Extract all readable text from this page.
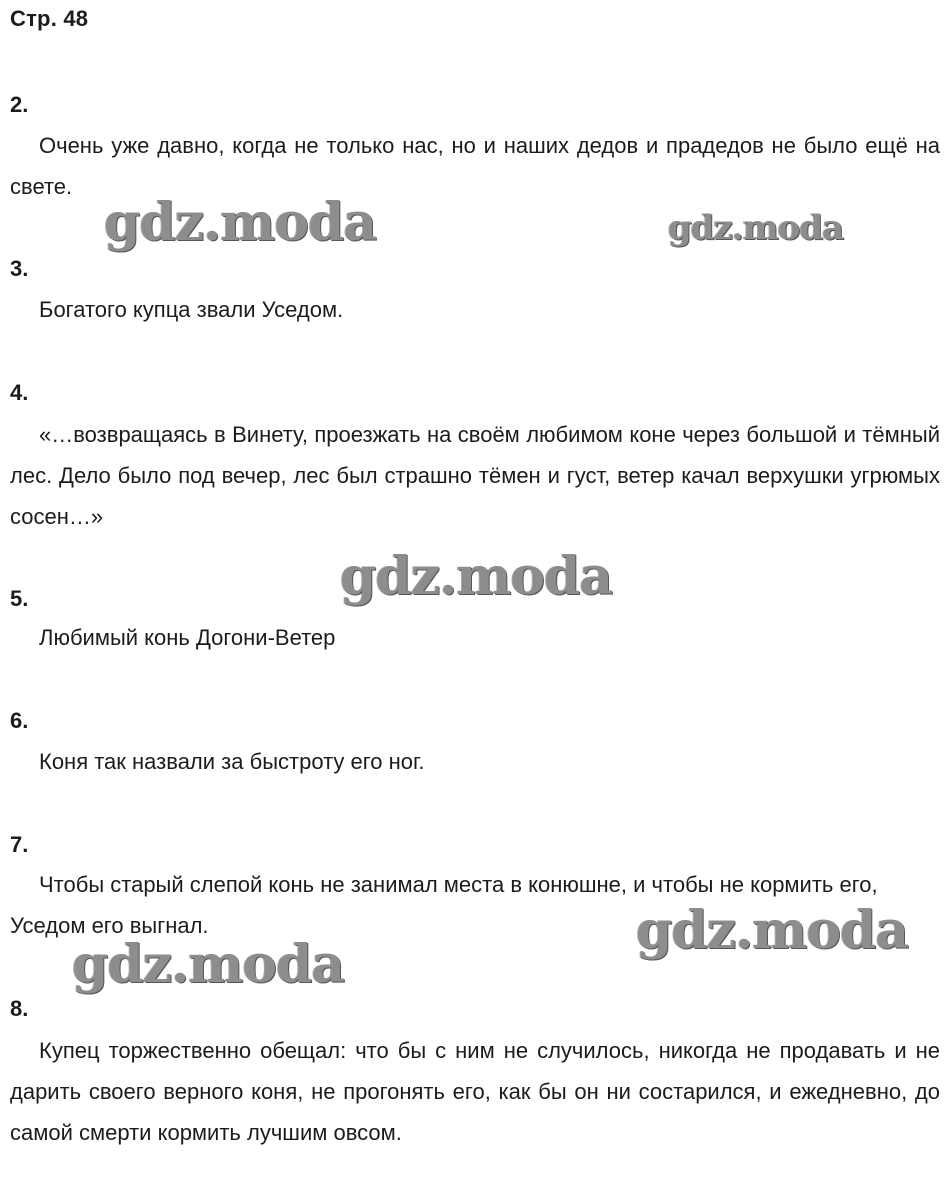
Стр. 48
2.

Очень уже давно, когда не только нас, но и наших дедов и прадедов не было ещё на свете.

3.

Богатого купца звали Уседом.

4.

«…возвращаясь в Винету, проезжать на своём любимом коне через большой и тёмный лес. Дело было под вечер, лес был страшно тёмен и густ, ветер качал верхушки угрюмых сосен…»

5.

Любимый конь Догони-Ветер

6.

Коня так назвали за быстроту его ног.

7.

Чтобы старый слепой конь не занимал места в конюшне, и чтобы не кормить его, Уседом его выгнал.

8.

Купец торжественно обещал: что бы с ним не случилось, никогда не продавать и не дарить своего верного коня, не прогонять его, как бы он ни состарился, и ежедневно, до самой смерти кормить лучшим овсом.

gdz.moda	gdz.moda
gdz.moda
gdz.moda
gdz.moda
